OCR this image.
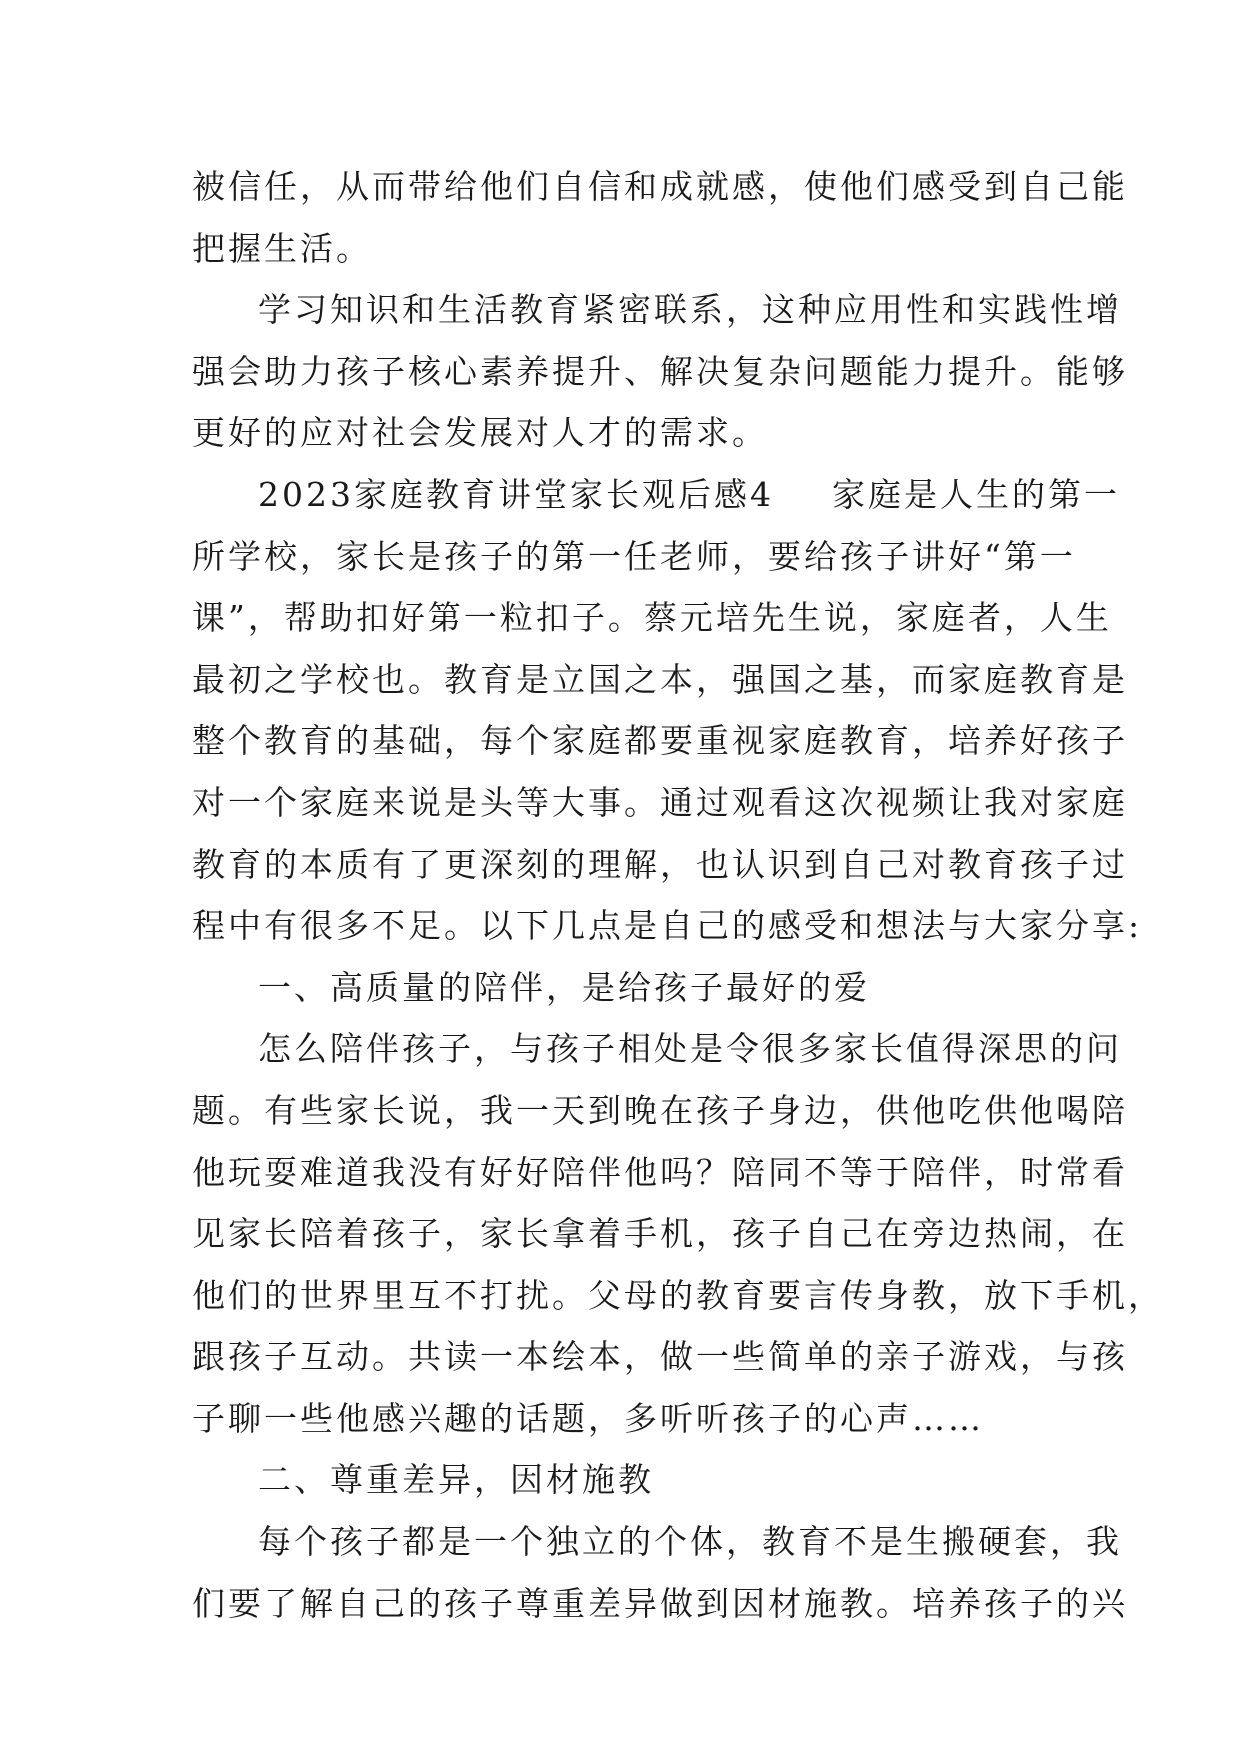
被信任，从而带给他们自信和成就感，使他们感受到自己能
把握生活。
学习知识和生活教育紧密联系，这种应用性和实践性增
强会助力孩子核心素养提升、解决复杂问题能力提升。能够
更好的应对社会发展对人才的需求。
2023家庭教育讲堂家长观后感4 家庭是人生的第一
所学校，家长是孩子的第一任老师，要给孩子讲好“第一
课”，帮助扣好第一粒扣子。蔡元培先生说，家庭者，人生
最初之学校也。教育是立国之本，强国之基，而家庭教育是
整个教育的基础，每个家庭都要重视家庭教育，培养好孩子
对一个家庭来说是头等大事。通过观看这次视频让我对家庭
教育的本质有了更深刻的理解，也认识到自己对教育孩子过
程中有很多不足。以下几点是自己的感受和想法与大家分享:
一、高质量的陪伴，是给孩子最好的爱
怎么陪伴孩子，与孩子相处是令很多家长值得深思的问
题。有些家长说，我一天到晚在孩子身边，供他吃供他喝陪
他玩耍难道我没有好好陪伴他吗？陪同不等于陪伴，时常看
见家长陪着孩子，家长拿着手机，孩子自己在旁边热闹，在
他们的世界里互不打扰。父母的教育要言传身教，放下手机，
跟孩子互动。共读一本绘本，做一些简单的亲子游戏，与孩
子聊一些他感兴趣的话题，多听听孩子的心声……
二、尊重差异，因材施教
每个孩子都是一个独立的个体，教育不是生搬硬套，我
们要了解自己的孩子尊重差异做到因材施教。培养孩子的兴
